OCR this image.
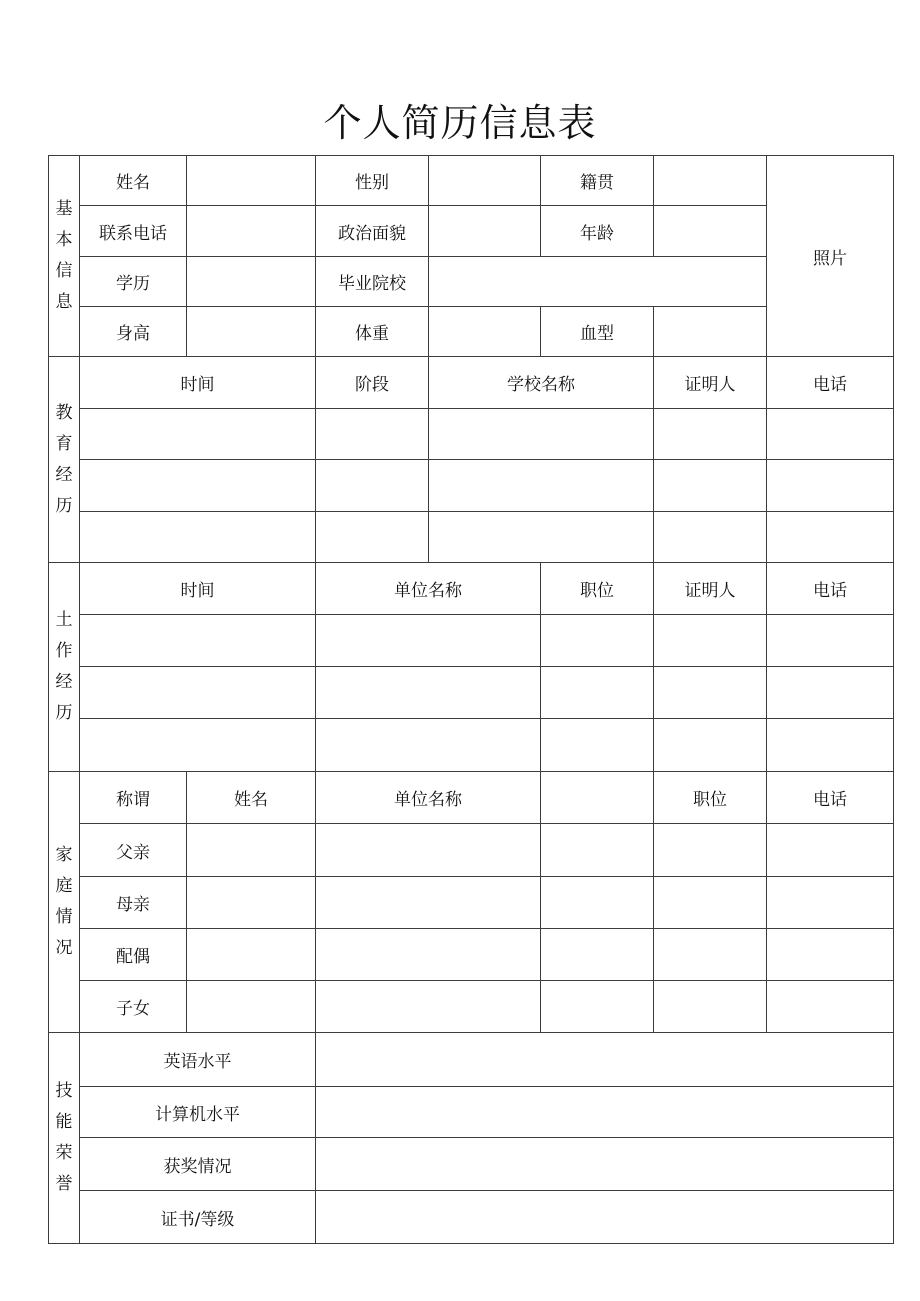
个人简历信息表
基本信息	姓名		性别		籍贯		照片
	联系电话		政治面貌		年龄		
	学历		毕业院校				
	身高		体重		血型		
教育经历	时间		阶段	学校名称		证明人	电话

土作经历	时间		单位名称		职位	证明人	电话

家庭情况	称谓	姓名	单位名称			职位	电话
	父亲						
	母亲						
	配偶						
	子女						
技能荣誉	英语水平						
	计算机水平						
	获奖情况						
	证书/等级						
